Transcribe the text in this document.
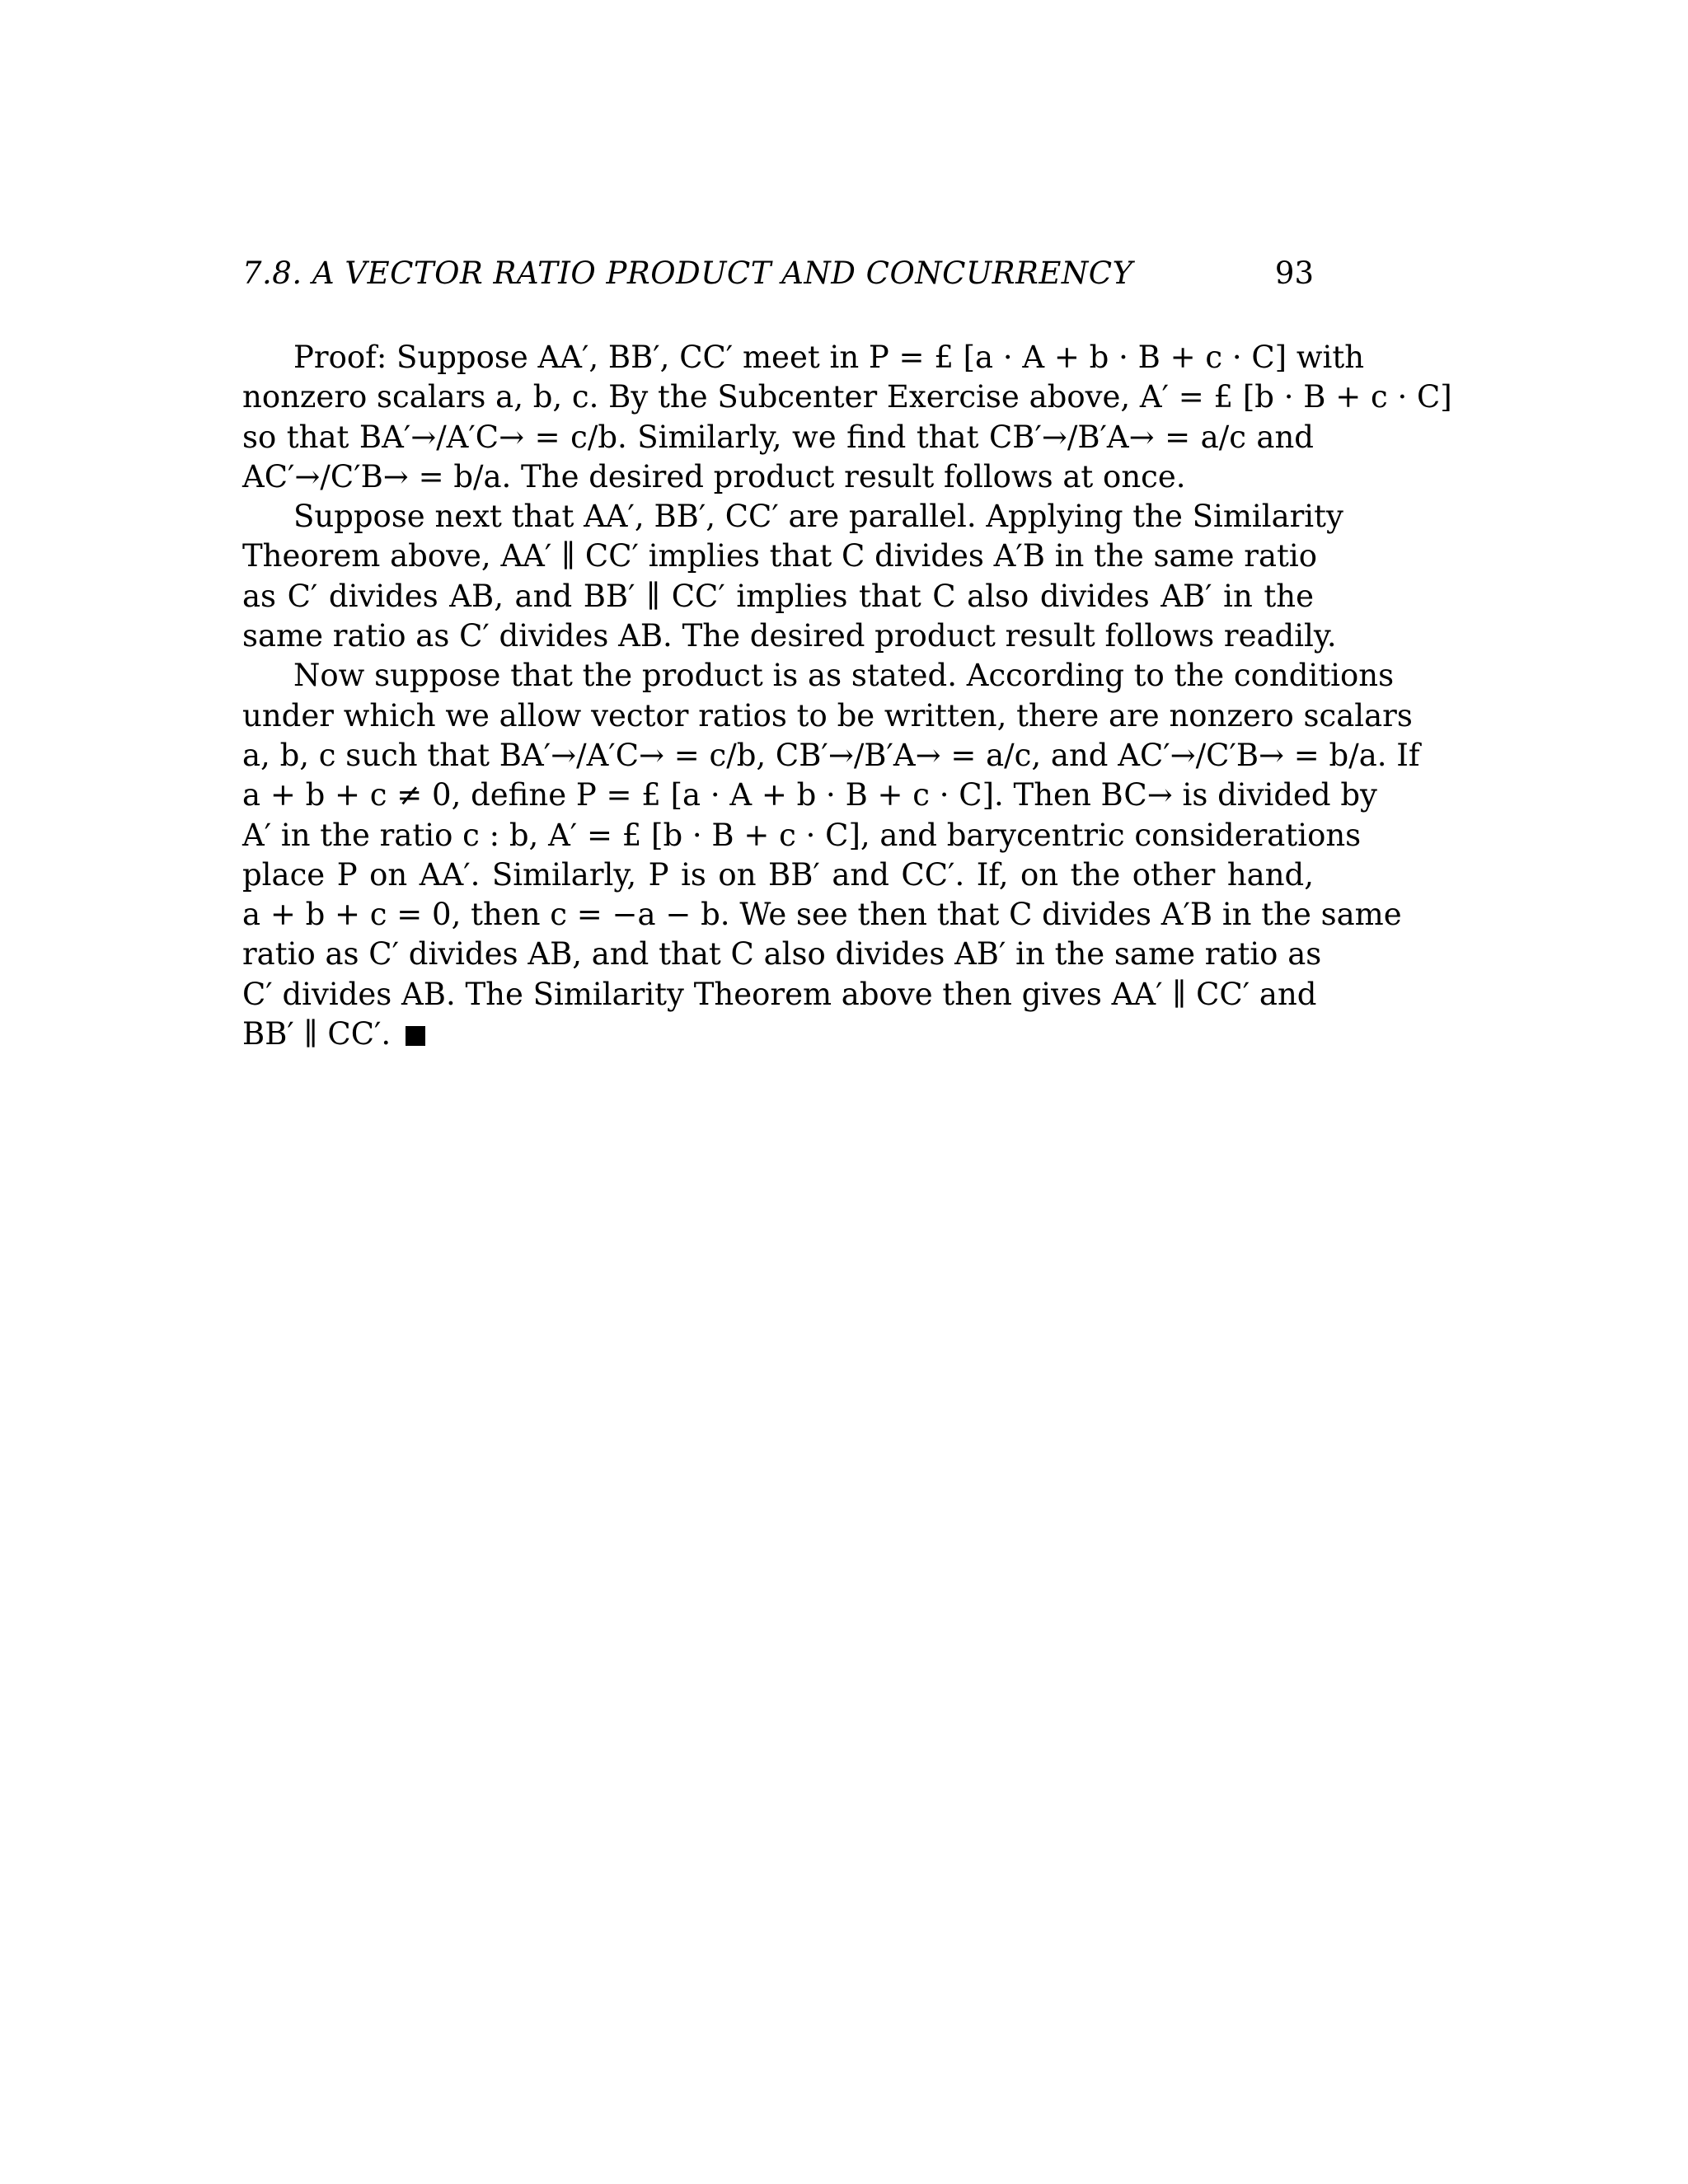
7.8. A VECTOR RATIO PRODUCT AND CONCURRENCY	93
Proof: Suppose AA′, BB′, CC′ meet in P = £ [a · A + b · B + c · C] with
nonzero scalars a, b, c. By the Subcenter Exercise above, A′ = £ [b · B + c · C]
so that BA′→/A′C→ = c/b. Similarly, we find that CB′→/B′A→ = a/c and
AC′→/C′B→ = b/a. The desired product result follows at once.
Suppose next that AA′, BB′, CC′ are parallel. Applying the Similarity
Theorem above, AA′ ∥ CC′ implies that C divides A′B in the same ratio
as C′ divides AB, and BB′ ∥ CC′ implies that C also divides AB′ in the
same ratio as C′ divides AB. The desired product result follows readily.
Now suppose that the product is as stated. According to the conditions
under which we allow vector ratios to be written, there are nonzero scalars
a, b, c such that BA′→/A′C→ = c/b, CB′→/B′A→ = a/c, and AC′→/C′B→ = b/a. If
a + b + c ≠ 0, define P = £ [a · A + b · B + c · C]. Then BC→ is divided by
A′ in the ratio c : b, A′ = £ [b · B + c · C], and barycentric considerations
place P on AA′. Similarly, P is on BB′ and CC′. If, on the other hand,
a + b + c = 0, then c = −a − b. We see then that C divides A′B in the same
ratio as C′ divides AB, and that C also divides AB′ in the same ratio as
C′ divides AB. The Similarity Theorem above then gives AA′ ∥ CC′ and
BB′ ∥ CC′.
